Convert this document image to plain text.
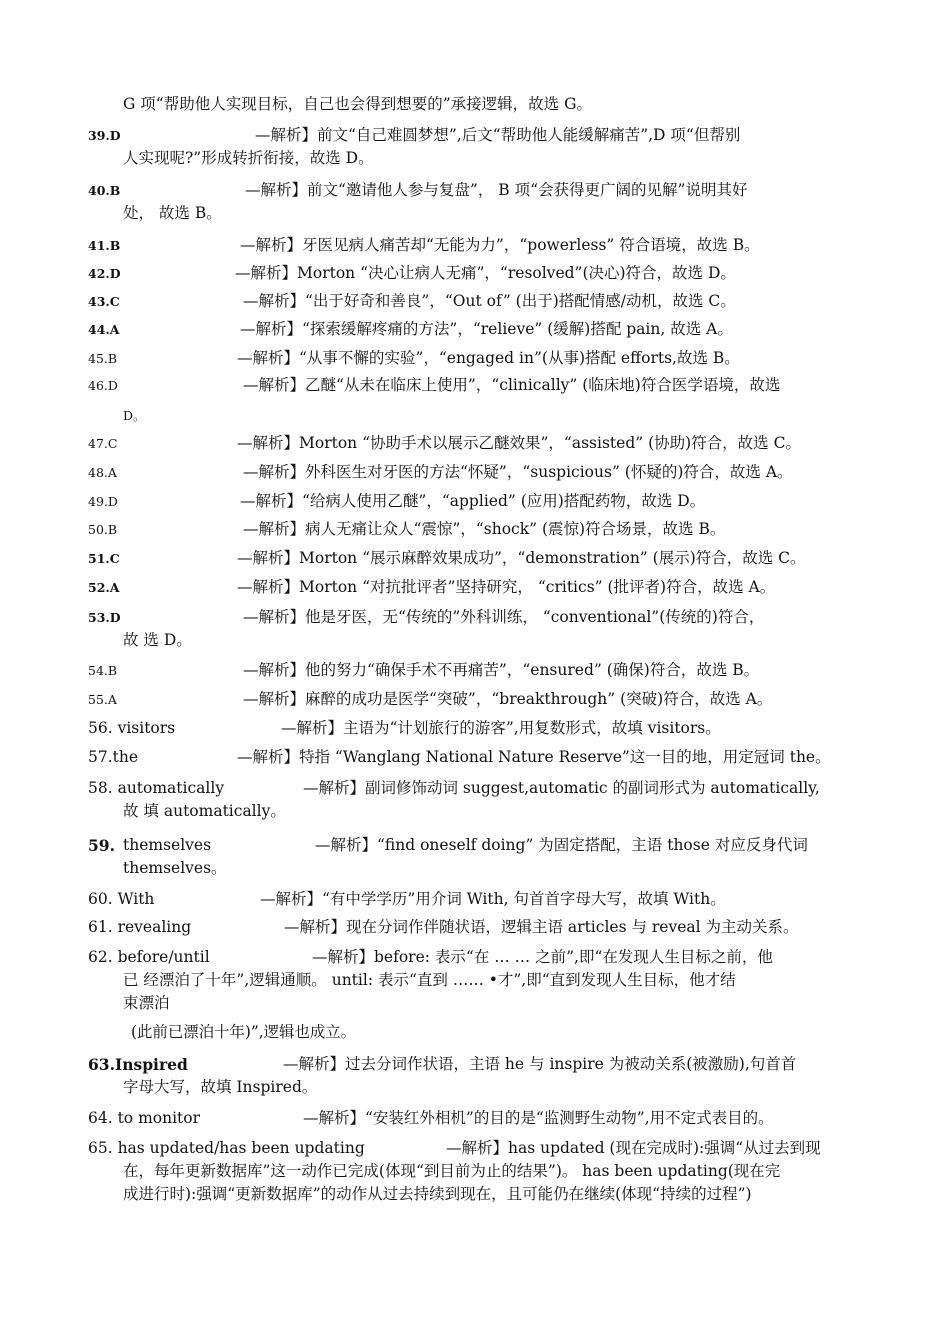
G 项“帮助他人实现目标，自己也会得到想要的”承接逻辑，故选 G。
39.D	—解析】前文“自己难圆梦想”,后文“帮助他人能缓解痛苦”,D 项“但帮别
人实现呢?”形成转折衔接，故选 D。
40.B	—解析】前文“邀请他人参与复盘”， B 项“会获得更广阔的见解”说明其好
处， 故选 B。
41.B	—解析】牙医见病人痛苦却“无能为力”，“powerless” 符合语境，故选 B。
42.D	—解析】Morton “决心让病人无痛”，“resolved”(决心)符合，故选 D。
43.C	—解析】“出于好奇和善良”，“Out of” (出于)搭配情感/动机，故选 C。
44.A	—解析】“探索缓解疼痛的方法”，“relieve” (缓解)搭配 pain, 故选 A。
45.B	—解析】“从事不懈的实验”，“engaged in”(从事)搭配 efforts,故选 B。
46.D	—解析】乙醚“从未在临床上使用”，“clinically” (临床地)符合医学语境，故选
D。
47.C	—解析】Morton “协助手术以展示乙醚效果”，“assisted” (协助)符合，故选 C。
48.A	—解析】外科医生对牙医的方法“怀疑”，“suspicious” (怀疑的)符合，故选 A。
49.D	—解析】“给病人使用乙醚”，“applied” (应用)搭配药物，故选 D。
50.B	—解析】病人无痛让众人“震惊”，“shock” (震惊)符合场景，故选 B。
51.C	—解析】Morton “展示麻醉效果成功”，“demonstration” (展示)符合，故选 C。
52.A	—解析】Morton “对抗批评者”坚持研究， “critics” (批评者)符合，故选 A。
53.D	—解析】他是牙医，无“传统的”外科训练， “conventional”(传统的)符合，
故 选 D。
54.B	—解析】他的努力“确保手术不再痛苦”，“ensured” (确保)符合，故选 B。
55.A	—解析】麻醉的成功是医学“突破”，“breakthrough” (突破)符合，故选 A。
56. visitors	—解析】主语为“计划旅行的游客”,用复数形式，故填 visitors。
57.the	—解析】特指 “Wanglang National Nature Reserve”这一目的地，用定冠词 the。
58. automatically	—解析】副词修饰动词 suggest,automatic 的副词形式为 automatically,
故 填 automatically。
59. themselves	—解析】“find oneself doing” 为固定搭配，主语 those 对应反身代词
themselves。
60. With	—解析】“有中学学历”用介词 With, 句首首字母大写，故填 With。
61. revealing	—解析】现在分词作伴随状语，逻辑主语 articles 与 reveal 为主动关系。
62. before/until	—解析】before: 表示“在 … … 之前”,即“在发现人生目标之前，他
已 经漂泊了十年”,逻辑通顺。 until: 表示“直到 …… •才”,即“直到发现人生目标，他才结
束漂泊
(此前已漂泊十年)”,逻辑也成立。
63.Inspired	—解析】过去分词作状语，主语 he 与 inspire 为被动关系(被激励),句首首
字母大写，故填 Inspired。
64. to monitor	—解析】“安装红外相机”的目的是“监测野生动物”,用不定式表目的。
65. has updated/has been updating	—解析】has updated (现在完成时):强调“从过去到现
在，每年更新数据库”这一动作已完成(体现“到目前为止的结果”)。 has been updating(现在完
成进行时):强调“更新数据库”的动作从过去持续到现在，且可能仍在继续(体现“持续的过程”)
